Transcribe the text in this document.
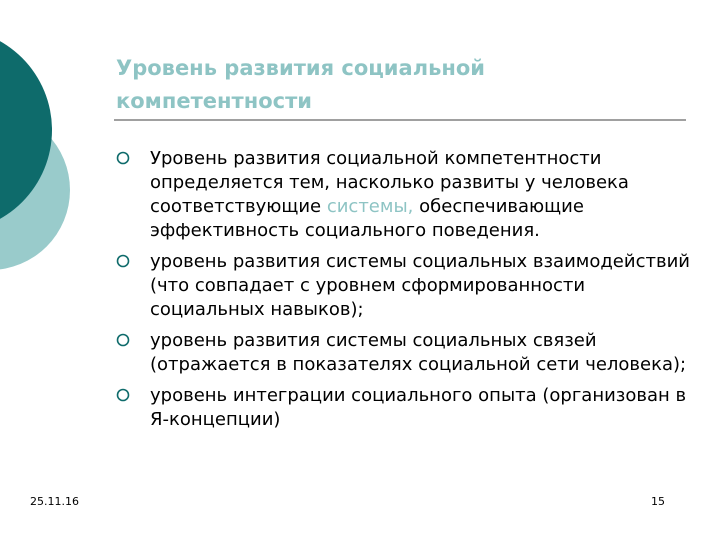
Уровень развития социальной компетентности
Уровень развития социальной компетентности определяется тем, насколько развиты у человека соответствующие системы, обеспечивающие эффективность социального поведения.
уровень развития системы социальных взаимодействий (что совпадает с уровнем сформированности социальных навыков);
уровень развития системы социальных связей (отражается в показателях социальной сети человека);
уровень интеграции социального опыта (организован в Я-концепции)
25.11.16	15
